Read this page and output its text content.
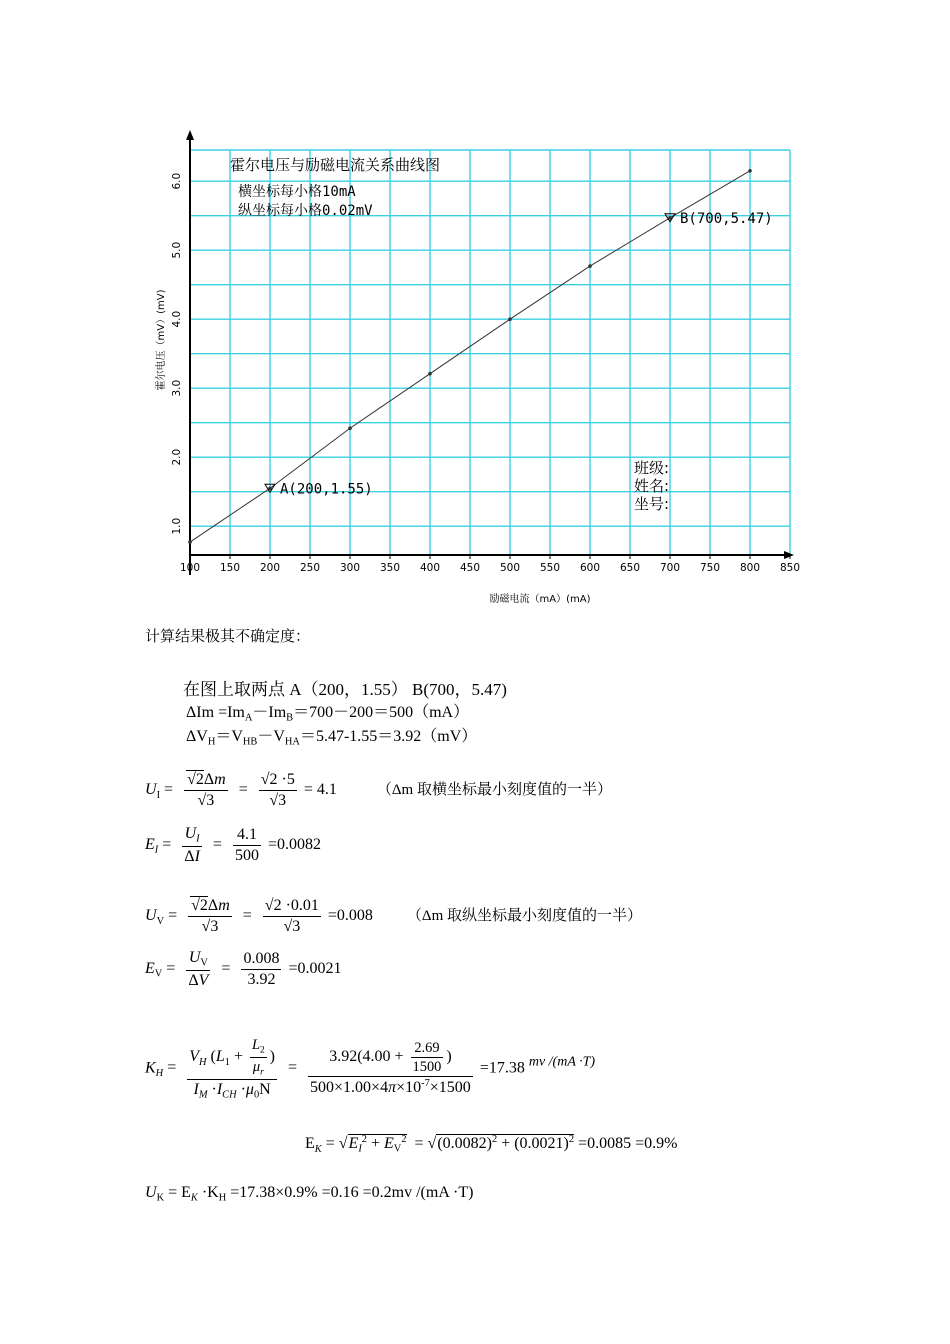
100 150 200 250 300 350 400 450 500 550 600 650 700 750 800 850
1.0
2.0
3.0
4.0
5.0
6.0
A(200,1.55)
B(700,5.47)
霍尔电压与励磁电流关系曲线图
横坐标每小格10mA
纵坐标每小格0.02mV
班级:
姓名:
坐号:
励磁电流（mA）(mA)
霍尔电压（mV）(mV)
计算结果极其不确定度：
在图上取两点 A（200，1.55） B(700，5.47)
$\Delta Im =Im_A-Im_B=700-200=500(mA)$
$\Delta V_H=V_{HB}-V_{HA}=5.47-1.55=3.92(mV)$
$U_I = \frac{√2\Delta m}{√3} = \frac{√2 \cdot 5}{√3} = 4.1$	（Δm 取横坐标最小刻度值的一半）
$E_I = \frac{U_I}{\Delta I} = \frac{4.1}{500} =0.0082$
$U_V = \frac{√2\Delta m}{√3} = \frac{√2 \cdot 0.01}{√3} =0.008$ （Δm 取纵坐标最小刻度值的一半）
$E_V = \frac{U_V}{\Delta V} = \frac{0.008}{3.92} =0.0021$
$K_H = \frac{V_H (L_1 + \frac{L_2}{\mu_r} )}{I_M \cdot I_{CH} \cdot\mu_0N} = \frac{3.92(4.00 + \frac{2.69}{1500} )}{500\times 1.00\times 4\pi\times 10^{-7}\times 1500} =17.38$ mv /(mA ·T)
$E_K = √E_I^2 + E_V^2 = √(0.0082)^2 + (0.0021)^2 =0.0085 =0.9\%$
$U_K = E_K \cdot K_H =17.38\times 0.9\% =0.16 =0.2mv$ /(mA ·T)
